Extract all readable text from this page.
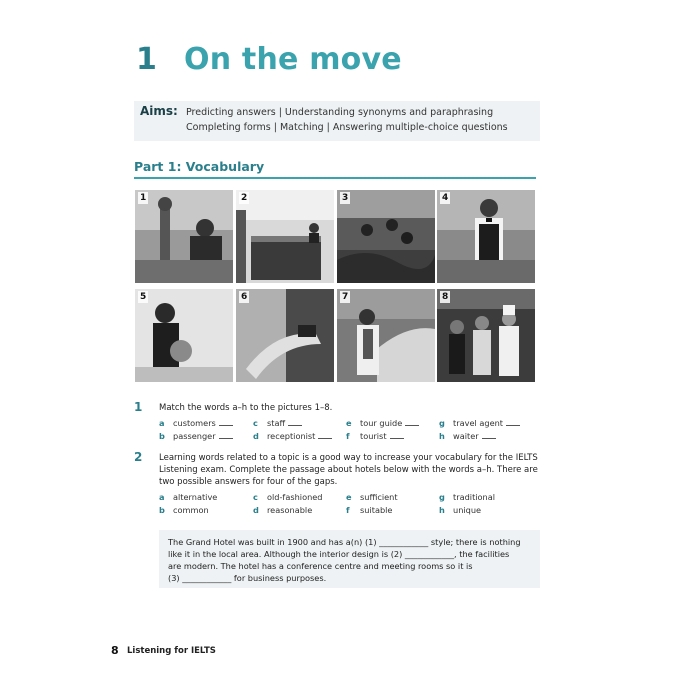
1 On the move
Aims: Predicting answers | Understanding synonyms and paraphrasing
Completing forms | Matching | Answering multiple-choice questions
Part 1: Vocabulary
1	2	3	4
5	6	7	8
1 Match the words a–h to the pictures 1–8.
a customers
b passenger
c staff
d receptionist
e tour guide
f tourist
g travel agent
h waiter
2 Learning words related to a topic is a good way to increase your vocabulary for the IELTS
Listening exam. Complete the passage about hotels below with the words a–h. There are
two possible answers for four of the gaps.
a alternative
b common
c old-fashioned
d reasonable
e sufficient
f suitable
g traditional
h unique
The Grand Hotel was built in 1900 and has a(n) (1) ____________ style; there is nothing
like it in the local area. Although the interior design is (2) ____________, the facilities
are modern. The hotel has a conference centre and meeting rooms so it is
(3) ____________ for business purposes.
8 Listening for IELTS
